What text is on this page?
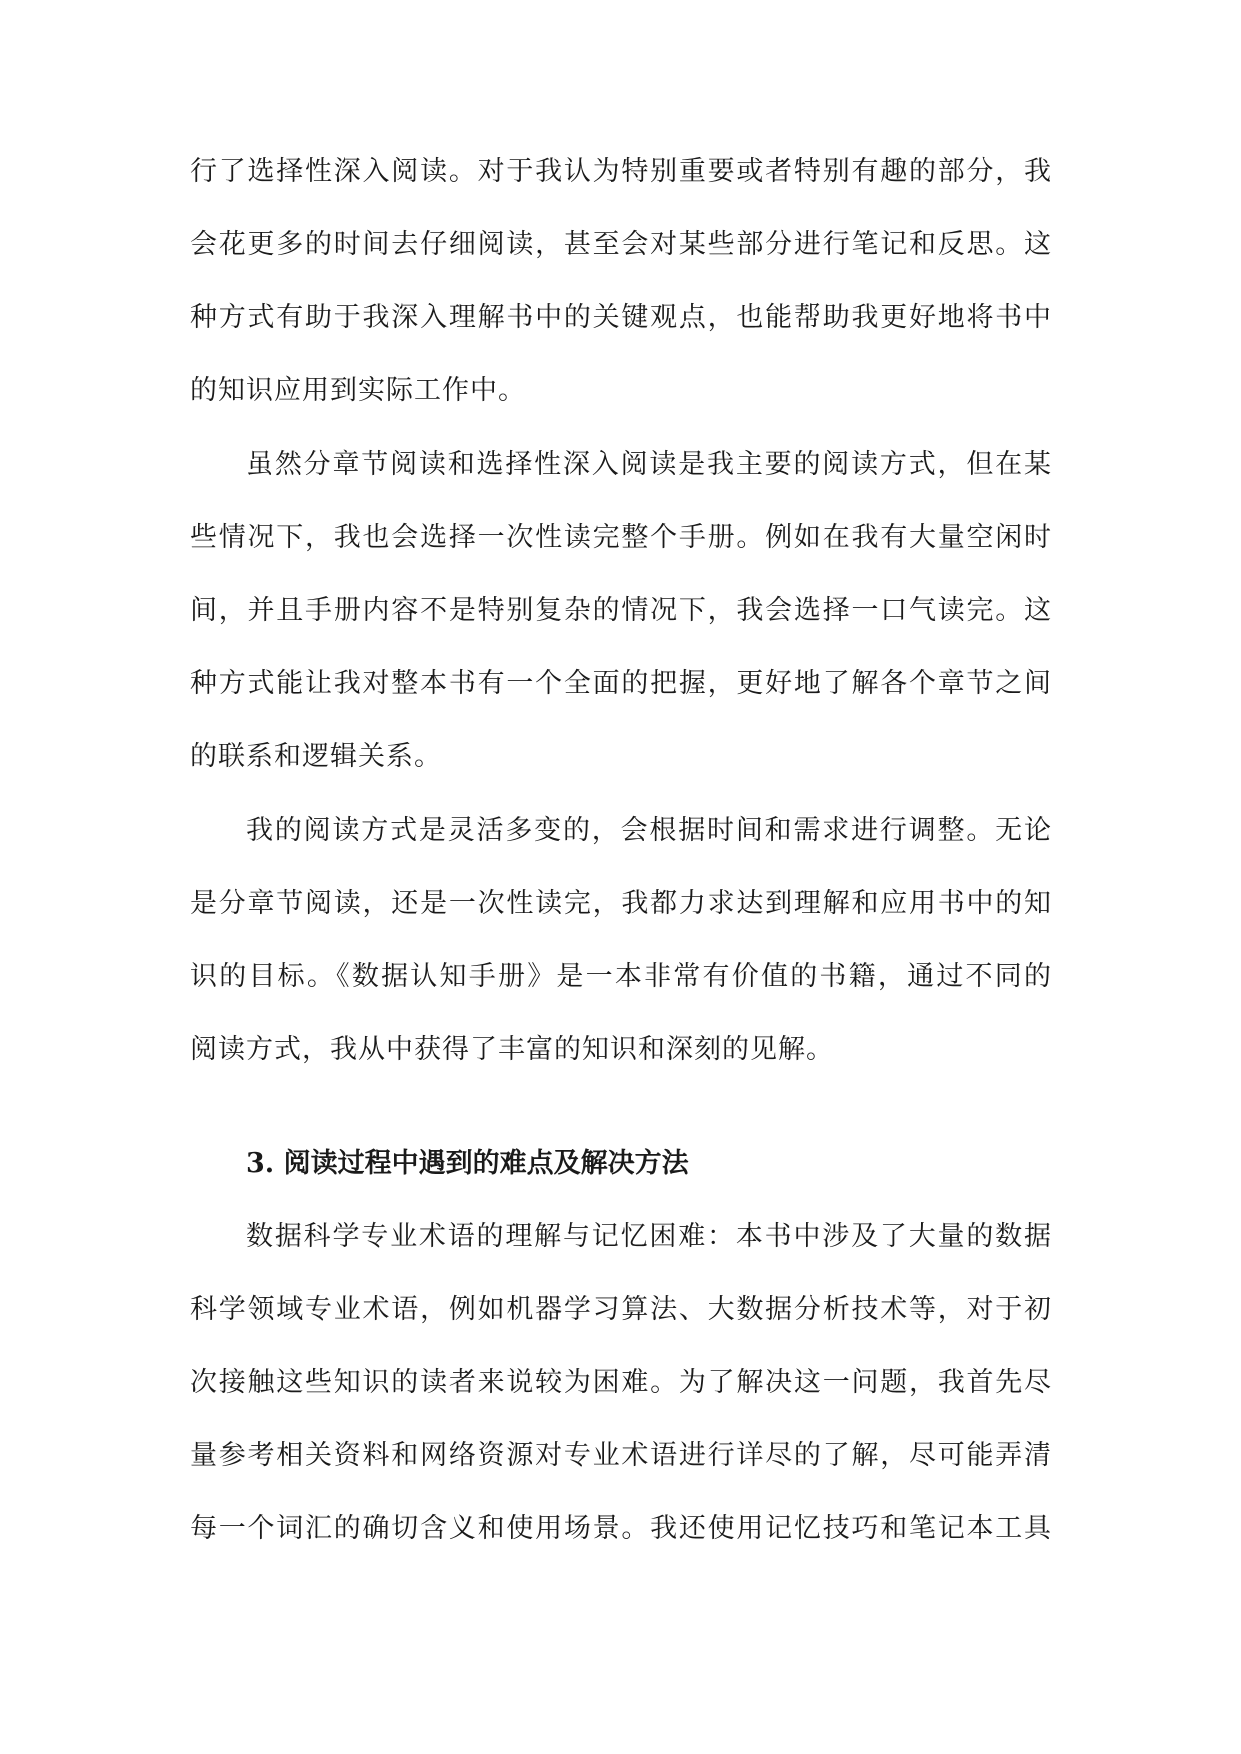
行了选择性深入阅读。对于我认为特别重要或者特别有趣的部分，我
会花更多的时间去仔细阅读，甚至会对某些部分进行笔记和反思。这
种方式有助于我深入理解书中的关键观点，也能帮助我更好地将书中
的知识应用到实际工作中。
虽然分章节阅读和选择性深入阅读是我主要的阅读方式，但在某
些情况下，我也会选择一次性读完整个手册。例如在我有大量空闲时
间，并且手册内容不是特别复杂的情况下，我会选择一口气读完。这
种方式能让我对整本书有一个全面的把握，更好地了解各个章节之间
的联系和逻辑关系。
我的阅读方式是灵活多变的，会根据时间和需求进行调整。无论
是分章节阅读，还是一次性读完，我都力求达到理解和应用书中的知
识的目标。《数据认知手册》是一本非常有价值的书籍，通过不同的
阅读方式，我从中获得了丰富的知识和深刻的见解。
3. 阅读过程中遇到的难点及解决方法
数据科学专业术语的理解与记忆困难：本书中涉及了大量的数据
科学领域专业术语，例如机器学习算法、大数据分析技术等，对于初
次接触这些知识的读者来说较为困难。为了解决这一问题，我首先尽
量参考相关资料和网络资源对专业术语进行详尽的了解，尽可能弄清
每一个词汇的确切含义和使用场景。我还使用记忆技巧和笔记本工具
